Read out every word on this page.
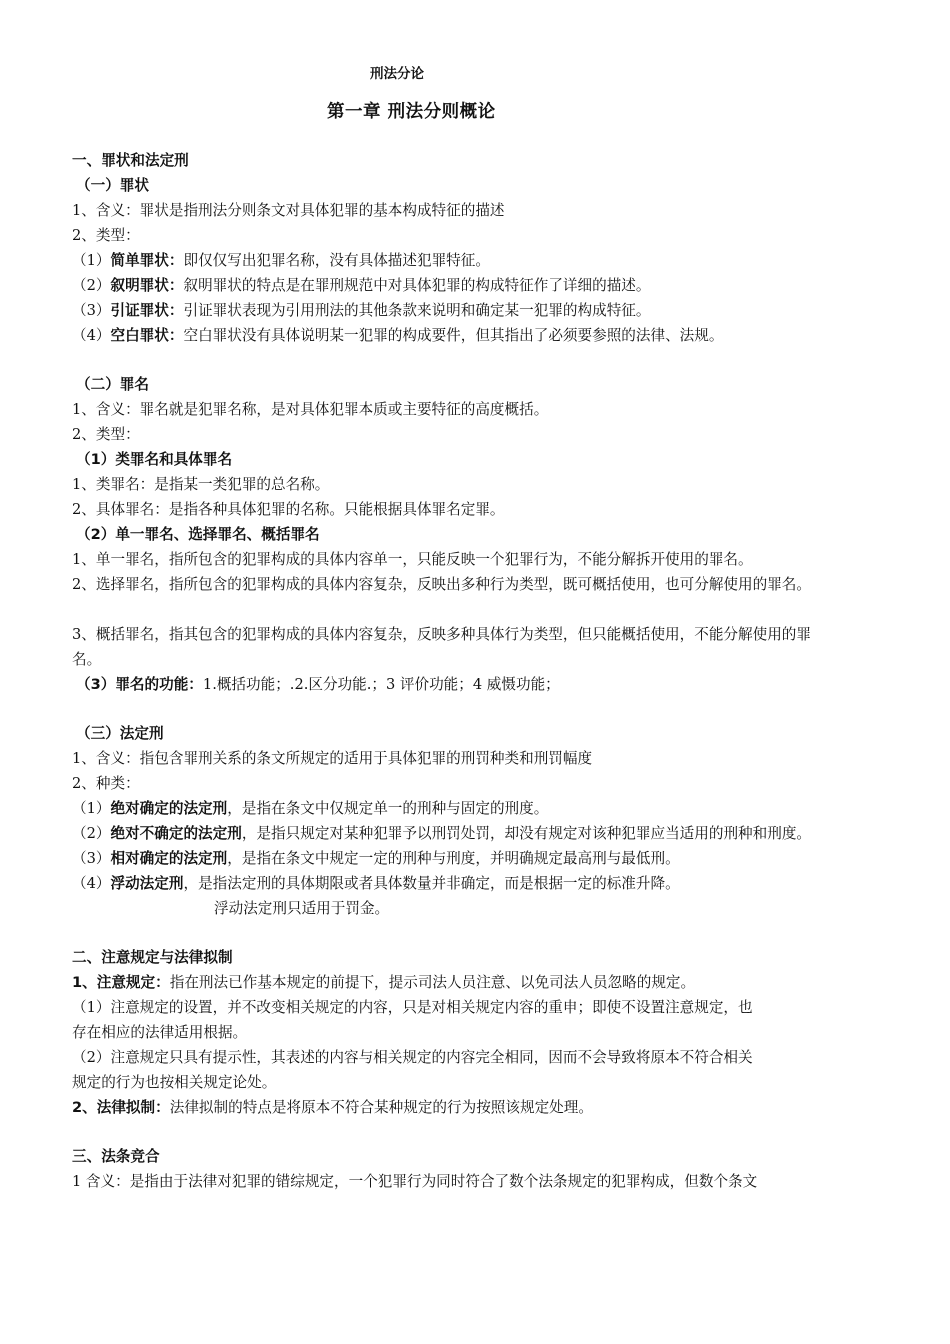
刑法分论
第一章 刑法分则概论
一、罪状和法定刑
（一）罪状
1、含义：罪状是指刑法分则条文对具体犯罪的基本构成特征的描述
2、类型：
（1）简单罪状：即仅仅写出犯罪名称，没有具体描述犯罪特征。
（2）叙明罪状：叙明罪状的特点是在罪刑规范中对具体犯罪的构成特征作了详细的描述。
（3）引证罪状：引证罪状表现为引用刑法的其他条款来说明和确定某一犯罪的构成特征。
（4）空白罪状：空白罪状没有具体说明某一犯罪的构成要件，但其指出了必须要参照的法律、法规。
（二）罪名
1、含义：罪名就是犯罪名称，是对具体犯罪本质或主要特征的高度概括。
2、类型：
（1）类罪名和具体罪名
1、类罪名：是指某一类犯罪的总名称。
2、具体罪名：是指各种具体犯罪的名称。只能根据具体罪名定罪。
（2）单一罪名、选择罪名、概括罪名
1、单一罪名，指所包含的犯罪构成的具体内容单一，只能反映一个犯罪行为，不能分解拆开使用的罪名。
2、选择罪名，指所包含的犯罪构成的具体内容复杂，反映出多种行为类型，既可概括使用，也可分解使用的罪名。
3、概括罪名，指其包含的犯罪构成的具体内容复杂，反映多种具体行为类型，但只能概括使用，不能分解使用的罪
名。
（3）罪名的功能：1.概括功能；.2.区分功能.；3 评价功能；4 威慑功能；
（三）法定刑
1、含义：指包含罪刑关系的条文所规定的适用于具体犯罪的刑罚种类和刑罚幅度
2、种类：
（1）绝对确定的法定刑，是指在条文中仅规定单一的刑种与固定的刑度。
（2）绝对不确定的法定刑，是指只规定对某种犯罪予以刑罚处罚，却没有规定对该种犯罪应当适用的刑种和刑度。
（3）相对确定的法定刑，是指在条文中规定一定的刑种与刑度，并明确规定最高刑与最低刑。
（4）浮动法定刑，是指法定刑的具体期限或者具体数量并非确定，而是根据一定的标准升降。
浮动法定刑只适用于罚金。
二、注意规定与法律拟制
1、注意规定：指在刑法已作基本规定的前提下，提示司法人员注意、以免司法人员忽略的规定。
（1）注意规定的设置，并不改变相关规定的内容，只是对相关规定内容的重申；即使不设置注意规定，也
存在相应的法律适用根据。
（2）注意规定只具有提示性，其表述的内容与相关规定的内容完全相同，因而不会导致将原本不符合相关
规定的行为也按相关规定论处。
2、法律拟制：法律拟制的特点是将原本不符合某种规定的行为按照该规定处理。
三、法条竞合
1 含义：是指由于法律对犯罪的错综规定，一个犯罪行为同时符合了数个法条规定的犯罪构成，但数个条文
